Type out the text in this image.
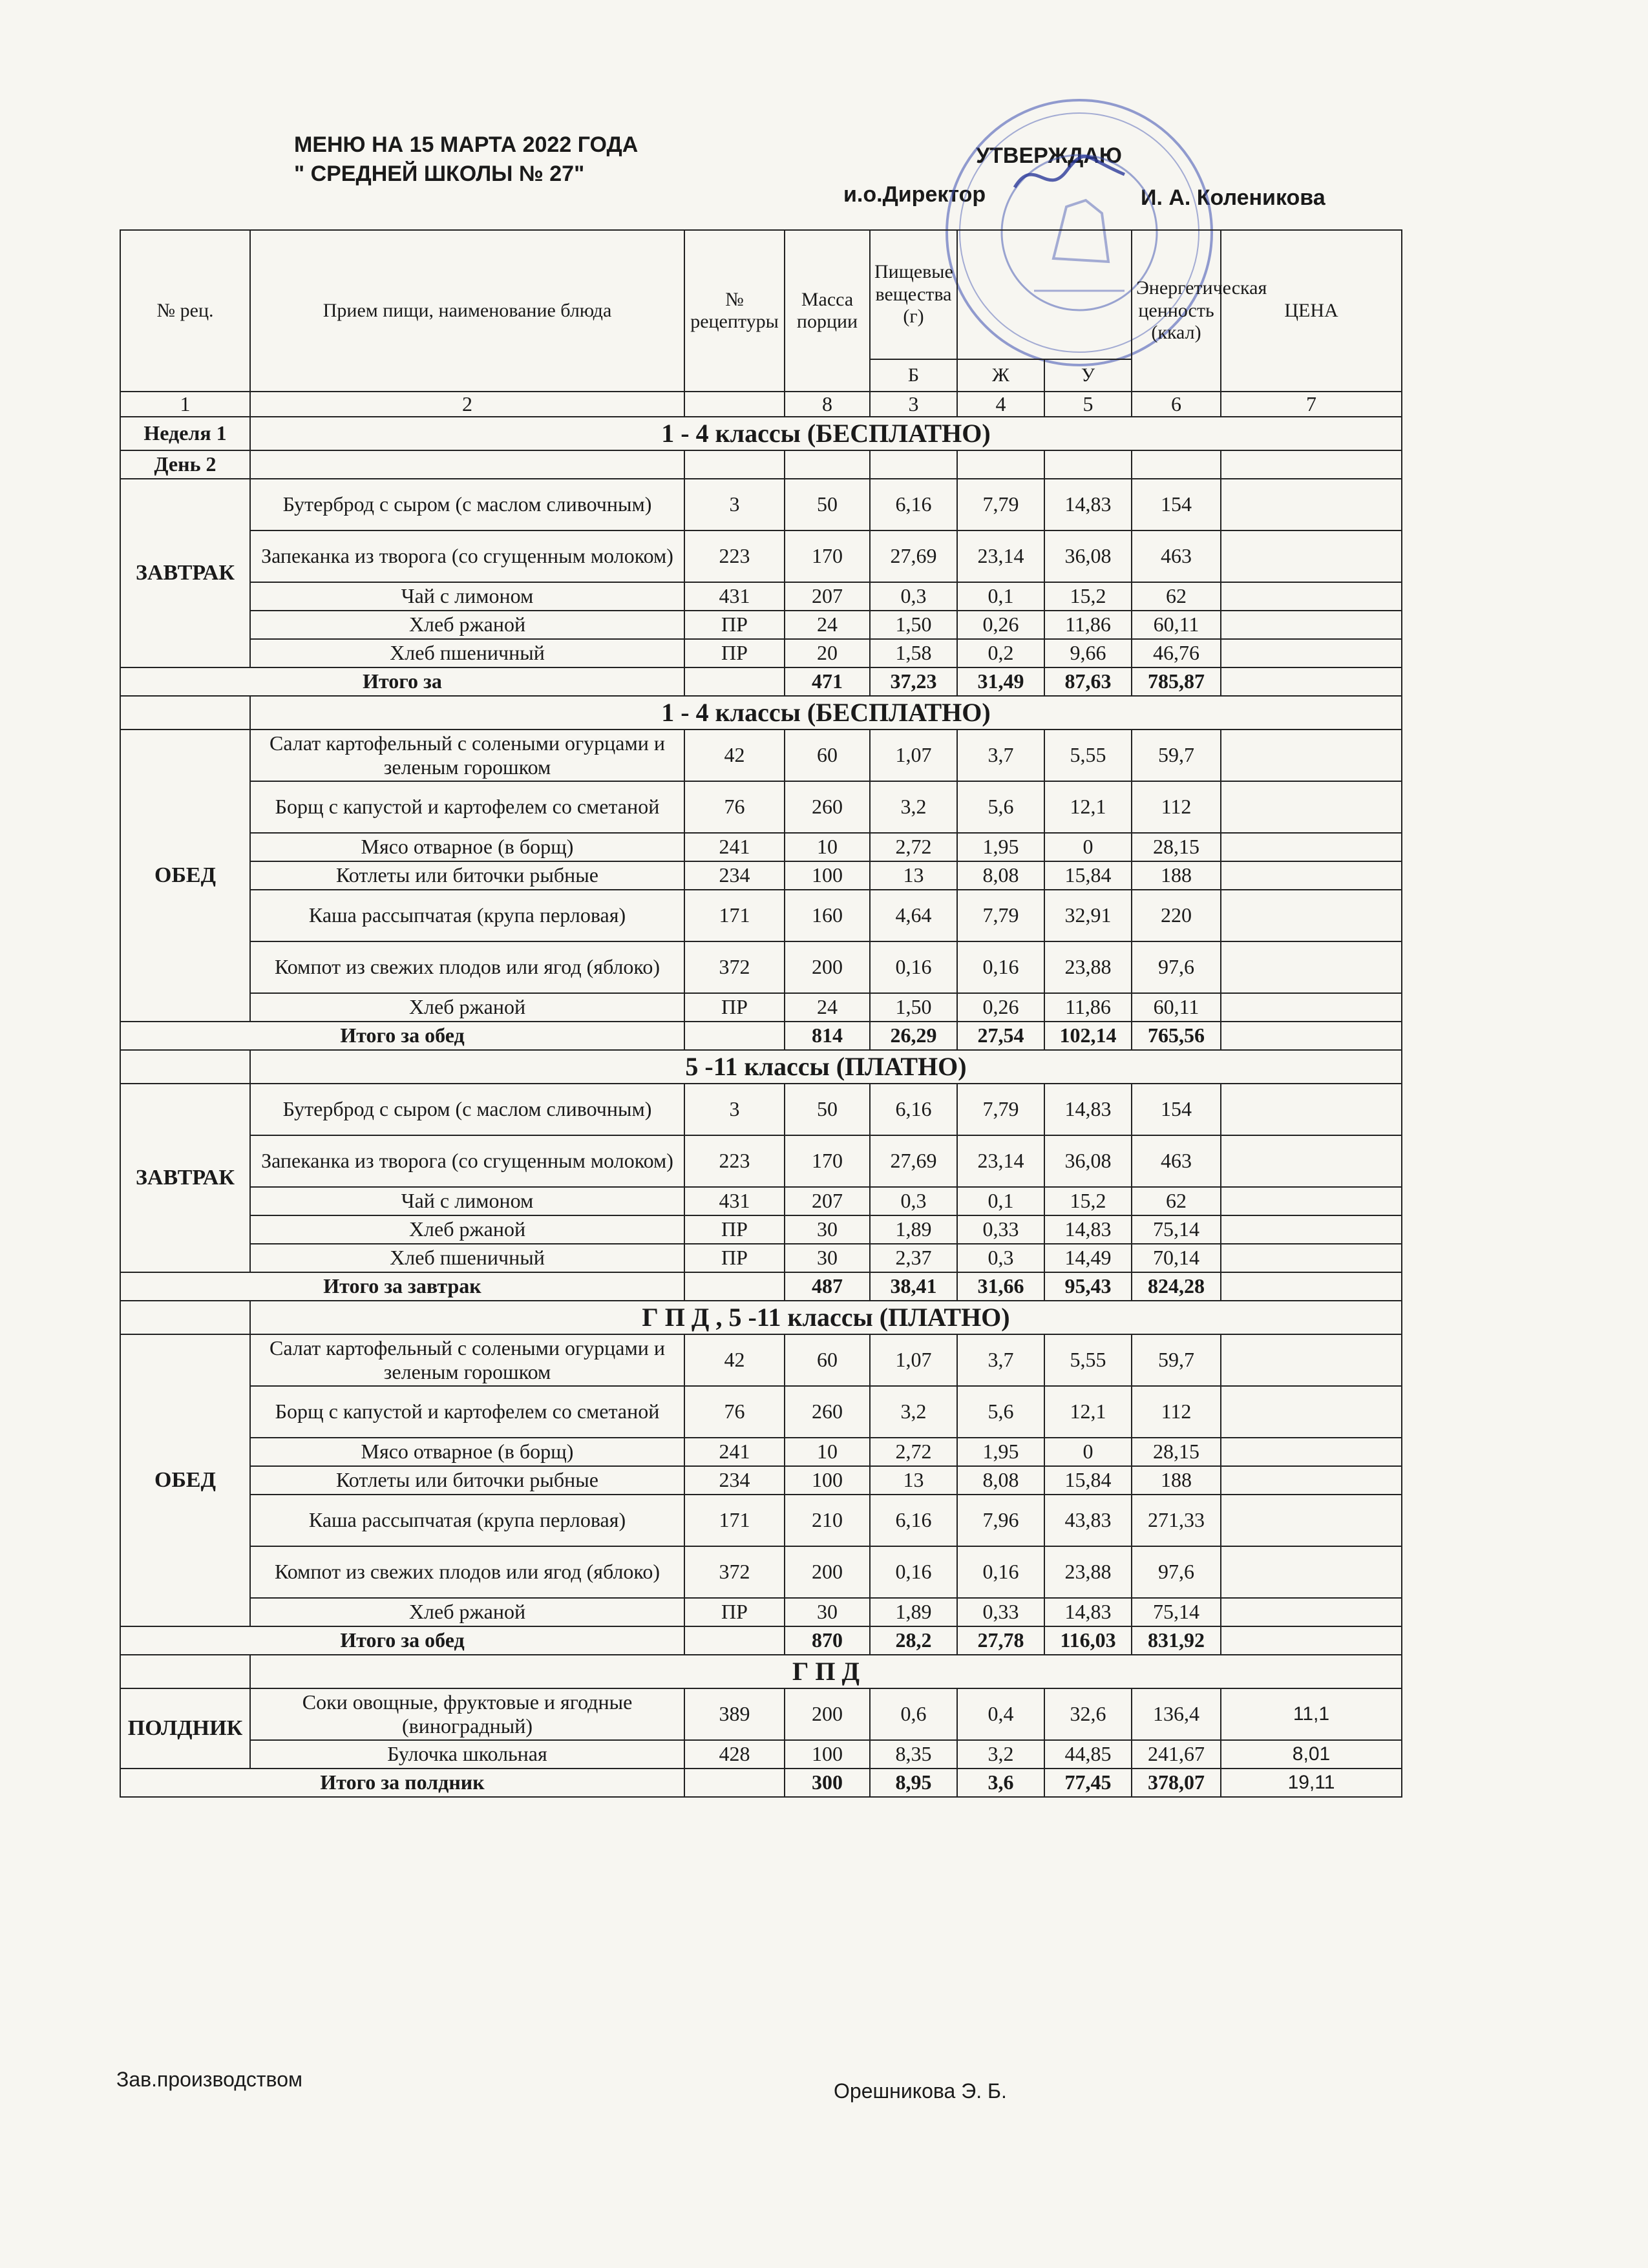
МЕНЮ НА 15 МАРТА 2022 ГОДА
" СРЕДНЕЙ ШКОЛЫ № 27"
УТВЕРЖДАЮ
и.о.Директор	И. А. Коленикова
№ рец.	Прием пищи, наименование блюда	№ рецептуры	Масса порции	Пищевые вещества (г)			Энергетическая ценность (ккал)	ЦЕНА
				Б	Ж	У		
1	2		8	3	4	5	6	7
Неделя 1	1 - 4 классы (БЕСПЛАТНО)							
День 2								
ЗАВТРАК	Бутерброд с сыром (с маслом сливочным)	3	50	6,16	7,79	14,83	154	
	Запеканка из творога (со сгущенным молоком)	223	170	27,69	23,14	36,08	463	
	Чай с лимоном	431	207	0,3	0,1	15,2	62	
	Хлеб ржаной	ПР	24	1,50	0,26	11,86	60,11	
	Хлеб пшеничный	ПР	20	1,58	0,2	9,66	46,76	
Итого за			471	37,23	31,49	87,63	785,87	
	1 - 4 классы (БЕСПЛАТНО)							
ОБЕД	Салат картофельный с солеными огурцами и зеленым горошком	42	60	1,07	3,7	5,55	59,7	
	Борщ с капустой и картофелем со сметаной	76	260	3,2	5,6	12,1	112	
	Мясо отварное (в борщ)	241	10	2,72	1,95	0	28,15	
	Котлеты или биточки рыбные	234	100	13	8,08	15,84	188	
	Каша рассыпчатая (крупа перловая)	171	160	4,64	7,79	32,91	220	
	Компот из свежих плодов или ягод (яблоко)	372	200	0,16	0,16	23,88	97,6	
	Хлеб ржаной	ПР	24	1,50	0,26	11,86	60,11	
Итого за обед			814	26,29	27,54	102,14	765,56	
	5 -11 классы (ПЛАТНО)							
ЗАВТРАК	Бутерброд с сыром (с маслом сливочным)	3	50	6,16	7,79	14,83	154	
	Запеканка из творога (со сгущенным молоком)	223	170	27,69	23,14	36,08	463	
	Чай с лимоном	431	207	0,3	0,1	15,2	62	
	Хлеб ржаной	ПР	30	1,89	0,33	14,83	75,14	
	Хлеб пшеничный	ПР	30	2,37	0,3	14,49	70,14	
Итого за завтрак			487	38,41	31,66	95,43	824,28	
	Г П Д , 5 -11 классы (ПЛАТНО)							
ОБЕД	Салат картофельный с солеными огурцами и зеленым горошком	42	60	1,07	3,7	5,55	59,7	
	Борщ с капустой и картофелем со сметаной	76	260	3,2	5,6	12,1	112	
	Мясо отварное (в борщ)	241	10	2,72	1,95	0	28,15	
	Котлеты или биточки рыбные	234	100	13	8,08	15,84	188	
	Каша рассыпчатая (крупа перловая)	171	210	6,16	7,96	43,83	271,33	
	Компот из свежих плодов или ягод (яблоко)	372	200	0,16	0,16	23,88	97,6	
	Хлеб ржаной	ПР	30	1,89	0,33	14,83	75,14	
Итого за обед			870	28,2	27,78	116,03	831,92	
	Г П Д							
ПОЛДНИК	Соки овощные, фруктовые и ягодные (виноградный)	389	200	0,6	0,4	32,6	136,4	11,1
	Булочка школьная	428	100	8,35	3,2	44,85	241,67	8,01
Итого за полдник			300	8,95	3,6	77,45	378,07	19,11
Зав.производством	Орешникова Э. Б.
